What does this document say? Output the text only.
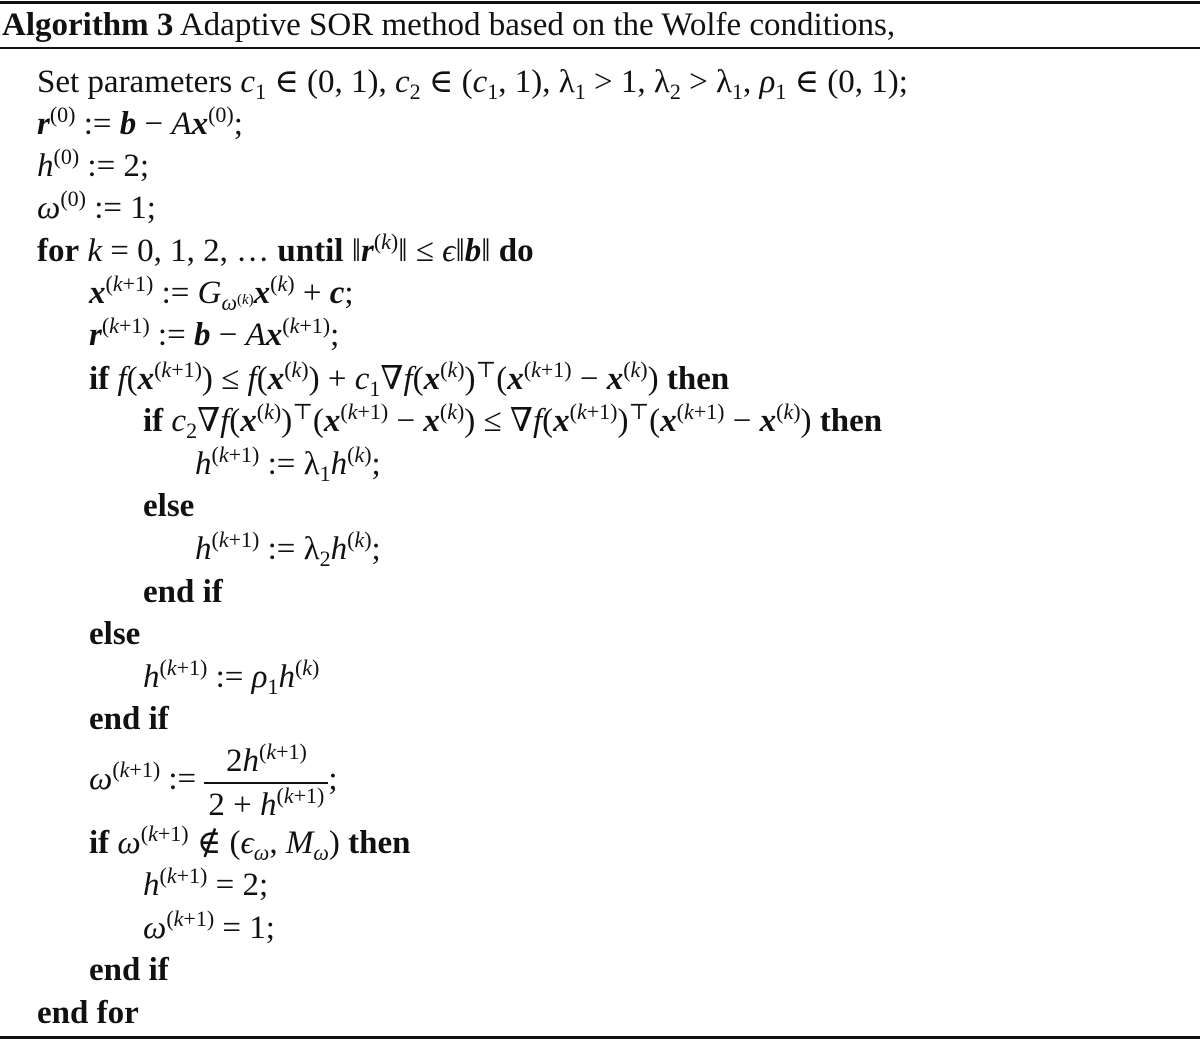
Algorithm 3 Adaptive SOR method based on the Wolfe conditions,
Set parameters $c_1$ ∈ (0, 1), $c_2$ ∈ ($c_1$, 1), $\lambda_1 > 1$, $\lambda_2 > \lambda_1$, $\rho_1$ ∈ (0, 1);
$r^{(0)}$ := $b - Ax^{(0)}$;
$h^{(0)}$ := 2;
$\omega^{(0)}$ := 1;
for k = 0, 1, 2, … until $‖r^{(k)}‖$ ≤ ϵ‖b‖ do
$x^{(k+1)}$ := $G_{\omega^{(k)}}x^{(k)} + c$;
$r^{(k+1)}$ := $b - Ax^{(k+1)}$;
if $f(x^{(k+1)}) \le f(x^{(k)}) + c_1\nabla f(x^{(k)})^⊤(x^{(k+1)} - x^{(k)})$ then
if $c_2\nabla f(x^{(k)})^⊤(x^{(k+1)} - x^{(k)}) \le \nabla f(x^{(k+1)})^⊤(x^{(k+1)} - x^{(k)})$ then
$h^{(k+1)}$ := $\lambda_1h^{(k)}$;
else
$h^{(k+1)}$ := $\lambda_2h^{(k)}$;
end if
else
$h^{(k+1)}$ := $\rho_1h^{(k)}$
end if
$\omega^{(k+1)}$ := $\frac{2h^{(k+1)}}{2 + h^{(k+1)}}$ ;
if $\omega^{(k+1)}$ ∉ ($\epsilon_\omega$, $M_\omega$) then
$h^{(k+1)} = 2$;
$\omega^{(k+1)} = 1$;
end if
end for
